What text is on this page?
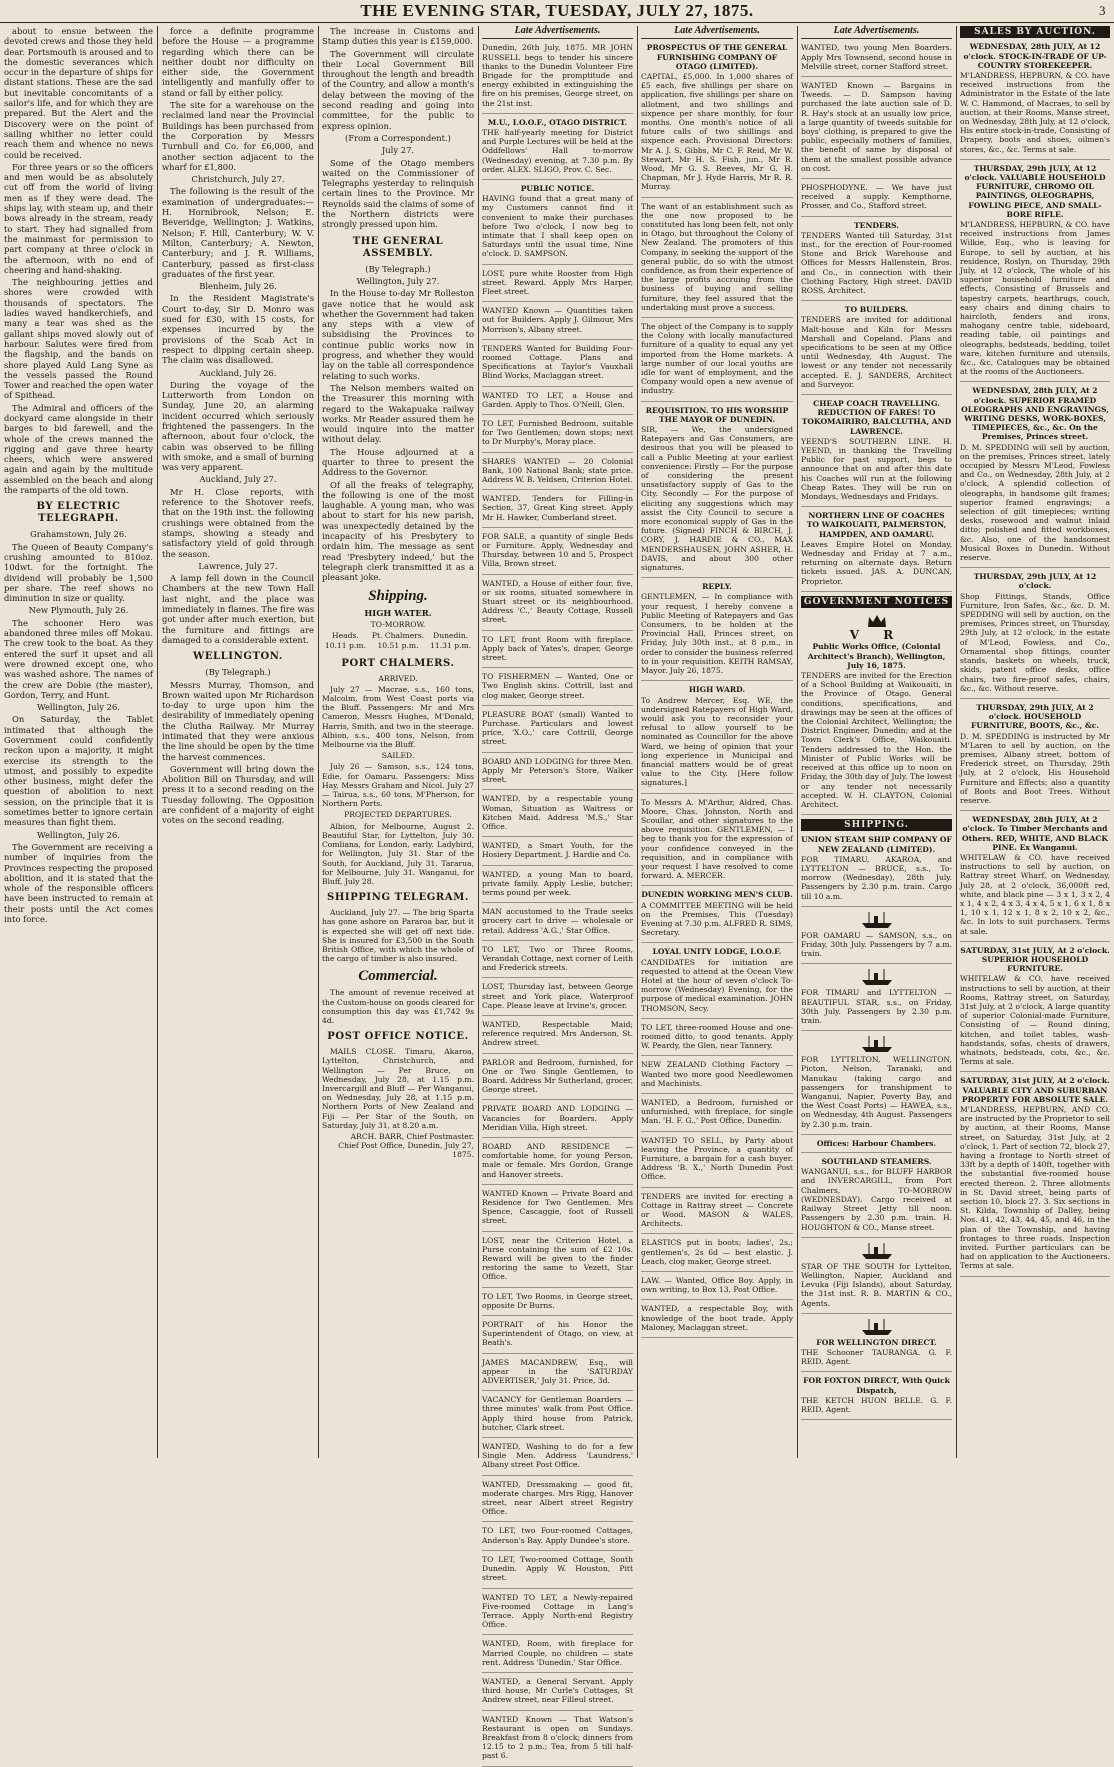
THE EVENING STAR, TUESDAY, JULY 27, 1875.	3

about to ensue between the devoted crews and those they held dear. Portsmouth is aroused and to the domestic severances which occur in the departure of ships for distant stations. These are the sad but inevitable concomitants of a sailor's life, and for which they are prepared. But the Alert and the Discovery were on the point of sailing whither no letter could reach them and whence no news could be received.

For three years or so the officers and men would be as absolutely cut off from the world of living men as if they were dead. The ships lay, with steam up, and their bows already in the stream, ready to start. They had signalled from the mainmast for permission to part company at three o'clock in the afternoon, with no end of cheering and hand-shaking.

The neighbouring jetties and shores were crowded with thousands of spectators. The ladies waved handkerchiefs, and many a tear was shed as the gallant ships moved slowly out of harbour. Salutes were fired from the flagship, and the bands on shore played Auld Lang Syne as the vessels passed the Round Tower and reached the open water of Spithead.

The Admiral and officers of the dockyard came alongside in their barges to bid farewell, and the whole of the crews manned the rigging and gave three hearty cheers, which were answered again and again by the multitude assembled on the beach and along the ramparts of the old town.

BY ELECTRIC TELEGRAPH.

Grahamstown, July 26.

The Queen of Beauty Company's crushing amounted to 810oz. 10dwt. for the fortnight. The dividend will probably be 1,500 per share. The reef shows no diminution in size or quality.

New Plymouth, July 26.

The schooner Hero was abandoned three miles off Mokau. The crew took to the boat. As they entered the surf it upset and all were drowned except one, who was washed ashore. The names of the crew are Dobie (the master), Gordon, Terry, and Hunt.

Wellington, July 26.

On Saturday, the Tablet intimated that although the Government could confidently reckon upon a majority, it might exercise its strength to the utmost, and possibly to expedite other business, might defer the question of abolition to next session, on the principle that it is sometimes better to ignore certain measures than fight them.

Wellington, July 26.

The Government are receiving a number of inquiries from the Provinces respecting the proposed abolition, and it is stated that the whole of the responsible officers have been instructed to remain at their posts until the Act comes into force.

force a definite programme before the House — a programme regarding which there can be neither doubt nor difficulty on either side, the Government intelligently and manfully offer to stand or fall by either policy.

The site for a warehouse on the reclaimed land near the Provincial Buildings has been purchased from the Corporation by Messrs Turnbull and Co. for £6,000, and another section adjacent to the wharf for £1,800.

Christchurch, July 27.

The following is the result of the examination of undergraduates:— H. Hornibrook, Nelson; E. Beveridge, Wellington; J. Watkins, Nelson; F. Hill, Canterbury; W. V. Milton, Canterbury; A. Newton, Canterbury; and J. R. Williams, Canterbury, passed as first-class graduates of the first year.

Blenheim, July 26.

In the Resident Magistrate's Court to-day, Sir D. Monro was sued for £30, with 15 costs, for expenses incurred by the provisions of the Scab Act in respect to dipping certain sheep. The claim was disallowed.

Auckland, July 26.

During the voyage of the Lutterworth from London on Sunday, June 20, an alarming incident occurred which seriously frightened the passengers. In the afternoon, about four o'clock, the cabin was observed to be filling with smoke, and a small of burning was very apparent.

Auckland, July 27.

Mr H. Close reports, with reference to the Shotover reefs, that on the 19th inst. the following crushings were obtained from the stamps, showing a steady and satisfactory yield of gold through the season.

Lawrence, July 27.

A lamp fell down in the Council Chambers at the new Town Hall last night, and the place was immediately in flames. The fire was got under after much exertion, but the furniture and fittings are damaged to a considerable extent.

WELLINGTON.

(By Telegraph.)

Messrs Murray, Thomson, and Brown waited upon Mr Richardson to-day to urge upon him the desirability of immediately opening the Clutha Railway. Mr Murray intimated that they were anxious the line should be open by the time the harvest commences.

Government will bring down the Abolition Bill on Thursday, and will press it to a second reading on the Tuesday following. The Opposition are confident of a majority of eight votes on the second reading.

The increase in Customs and Stamp duties this year is £159,000.

The Government will circulate their Local Government Bill throughout the length and breadth of the Country, and allow a month's delay between the moving of the second reading and going into committee, for the public to express opinion.

(From a Correspondent.)

July 27.

Some of the Otago members waited on the Commissioner of Telegraphs yesterday to relinquish certain lines to the Province. Mr Reynolds said the claims of some of the Northern districts were strongly pressed upon him.

THE GENERAL ASSEMBLY.

(By Telegraph.)

Wellington, July 27.

In the House to-day Mr Rolleston gave notice that he would ask whether the Government had taken any steps with a view of subsidising the Provinces to continue public works now in progress, and whether they would lay on the table all correspondence relating to such works.

The Nelson members waited on the Treasurer this morning with regard to the Wakapuaka railway works. Mr Reader assured them he would inquire into the matter without delay.

The House adjourned at a quarter to three to present the Address to the Governor.

Of all the freaks of telegraphy, the following is one of the most laughable. A young man, who was about to start for his new parish, was unexpectedly detained by the incapacity of his Presbytery to ordain him. The message as sent read 'Presbytery indeed,' but the telegraph clerk transmitted it as a pleasant joke.

Shipping.
HIGH WATER.
TO-MORROW.
Heads.	Pt. Chalmers.	Dunedin.
10.11 p.m.	10.51 p.m.	11.31 p.m.
PORT CHALMERS.

ARRIVED.

July 27 — Macrae, s.s., 160 tons, Malcolm, from West Coast ports via the Bluff. Passengers: Mr and Mrs Cameron, Messrs Hughes, M'Donald, Harris, Smith, and two in the steerage. Albion, s.s., 400 tons, Nelson, from Melbourne via the Bluff.

SAILED.

July 26 — Samson, s.s., 124 tons, Edie, for Oamaru. Passengers: Miss Hay, Messrs Graham and Nicol. July 27 — Tairua, s.s., 60 tons, M'Pherson, for Northern Ports.

PROJECTED DEPARTURES.

Albion, for Melbourne, August 2. Beautiful Star, for Lyttelton, July 30. Comliana, for London, early. Ladybird, for Wellington, July 31. Star of the South, for Auckland, July 31. Tararua, for Melbourne, July 31. Wanganui, for Bluff, July 28.

SHIPPING TELEGRAM.

Auckland, July 27. — The brig Sparta has gone ashore on Pararoa bar, but it is expected she will get off next tide. She is insured for £3,500 in the South British Office, with which the whole of the cargo of timber is also insured.

Commercial.

The amount of revenue received at the Custom-house on goods cleared for consumption this day was £1,742 9s 4d.

POST OFFICE NOTICE.

MAILS CLOSE. Timaru, Akaroa, Lyttelton, Christchurch, and Wellington — Per Bruce, on Wednesday, July 28, at 1.15 p.m. Invercargill and Bluff — Per Wanganui, on Wednesday, July 28, at 1.15 p.m. Northern Ports of New Zealand and Fiji — Per Star of the South, on Saturday, July 31, at 8.20 a.m.

ARCH. BARR, Chief Postmaster. Chief Post Office, Dunedin, July 27, 1875.

Late Advertisements.

Dunedin, 26th July, 1875. MR JOHN RUSSELL begs to tender his sincere thanks to the Dunedin Volunteer Fire Brigade for the promptitude and energy exhibited in extinguishing the fire on his premises, George street, on the 21st inst.

M.U., I.O.O.F., OTAGO DISTRICT.

THE half-yearly meeting for District and Purple Lectures will be held at the Oddfellows' Hall to-morrow (Wednesday) evening, at 7.30 p.m. By order. ALEX. SLIGO, Prov. C. Sec.

PUBLIC NOTICE.

HAVING found that a great many of my Customers cannot find it convenient to make their purchases before Two o'clock, I now beg to intimate that I shall keep open on Saturdays until the usual time, Nine o'clock. D. SAMPSON.

LOST, pure white Rooster from High street. Reward. Apply Mrs Harper, Fleet street.

WANTED Known — Quantities taken out for Builders. Apply J. Gilmour, Mrs Morrison's, Albany street.

TENDERS Wanted for Building Four-roomed Cottage. Plans and Specifications at Taylor's Vauxhall Blind Works, Maclaggan street.

WANTED TO LET, a House and Garden. Apply to Thos. O'Neill, Glen.

TO LET, Furnished Bedroom, suitable for Two Gentlemen; down stops; next to Dr Murphy's, Moray place.

SHARES WANTED — 20 Colonial Bank, 100 National Bank; state price. Address W. B. Yeldsen, Criterion Hotel.

WANTED, Tenders for Filling-in Section, 37, Great King street. Apply Mr H. Hawker, Cumberland street.

FOR SALE, a quantity of single Beds or Furniture. Apply, Wednesday and Thursday, between 10 and 5, Prospect Villa, Brown street.

WANTED, a House of either four, five, or six rooms, situated somewhere in Stuart street or its neighbourhood. Address 'C.,' Beauty Cottage, Russell street.

TO LET, front Room with fireplace. Apply back of Yates's, draper, George street.

TO FISHERMEN — Wanted, One or Two English skins. Cottrill, last and clog maker, George street.

PLEASURE BOAT (small) Wanted to Purchase. Particulars and lowest price, 'X.O.,' care Cottrill, George street.

BOARD AND LODGING for three Men. Apply Mr Peterson's Store, Walker street.

WANTED, by a respectable young Woman, Situation as Waitress or Kitchen Maid. Address 'M.S.,' Star Office.

WANTED, a Smart Youth, for the Hosiery Department. J. Hardie and Co.

WANTED, a young Man to board, private family. Apply Leslie, butcher; terms pound per week.

MAN accustomed to the Trade seeks grocery cart to drive — wholesale or retail. Address 'A.G.,' Star Office.

TO LET, Two or Three Rooms, Verandah Cottage, next corner of Leith and Frederick streets.

LOST, Thursday last, between George street and York place, Waterproof Cape. Please leave at Irvine's, grocer.

WANTED, Respectable Maid; reference required. Mrs Anderson, St. Andrew street.

PARLOR and Bedroom, furnished, for One or Two Single Gentlemen, to Board. Address Mr Sutherland, grocer, George street.

PRIVATE BOARD AND LODGING — Vacancies for Boarders. Apply Meridian Villa, High street.

BOARD AND RESIDENCE — comfortable home, for young Person, male or female. Mrs Gordon, Grange and Hanover streets.

WANTED Known — Private Board and Residence for Two Gentlemen. Mrs Spence, Cascaggie, foot of Russell street.

LOST, near the Criterion Hotel, a Purse containing the sum of £2 10s. Reward will be given to the finder restoring the same to Vezett, Star Office.

TO LET, Two Rooms, in George street, opposite Dr Burns.

PORTRAIT of his Honor the Superintendent of Otago, on view, at Beath's.

JAMES MACANDREW, Esq., will appear in the 'SATURDAY ADVERTISER,' July 31. Price, 3d.

VACANCY for Gentleman Boarders — three minutes' walk from Post Office. Apply third house from Patrick, butcher, Clark street.

WANTED, Washing to do for a few Single Men. Address 'Laundress,' Albany street Post Office.

WANTED, Dressmaking — good fit, moderate charges. Mrs Rigg, Hanover street, near Albert street Registry Office.

TO LET, two Four-roomed Cottages, Anderson's Bay. Apply Dundee's store.

TO LET, Two-roomed Cottage, South Dunedin. Apply W. Houston, Pitt street.

WANTED TO LET, a Newly-repaired Five-roomed Cottage in Lang's Terrace. Apply North-end Registry Office.

WANTED, Room, with fireplace for Married Couple, no children — state rent. Address 'Dunedin,' Star Office.

WANTED, a General Servant. Apply third house, Mr Curle's Cottages, St Andrew street, near Filleul street.

WANTED Known — That Watson's Restaurant is open on Sundays. Breakfast from 8 o'clock; dinners from 12.15 to 2 p.m.; Tea, from 5 till half-past 6.

Late Advertisements.

PROSPECTUS OF THE GENERAL FURNISHING COMPANY OF OTAGO (LIMITED).

CAPITAL, £5,000. In 1,000 shares of £5 each, five shillings per share on application, five shillings per share on allotment, and two shillings and sixpence per share monthly, for four months. One month's notice of all future calls of two shillings and sixpence each. Provisional Directors: Mr A. J. S. Gibbs, Mr C. F. Reid, Mr W. Stewart, Mr H. S. Fish, jun., Mr R. Wood, Mr G. S. Reeves, Mr G. H. Chapman, Mr J. Hyde Harris, Mr R. R. Murray.

The want of an establishment such as the one now proposed to be constituted has long been felt, not only in Otago, but throughout the Colony of New Zealand. The promoters of this Company, in seeking the support of the general public, do so with the utmost confidence, as from their experience of the large profits accruing from the business of buying and selling furniture, they feel assured that the undertaking must prove a success.

The object of the Company is to supply the Colony with locally manufactured furniture of a quality to equal any yet imported from the Home markets. A large number of our local youths are idle for want of employment, and the Company would open a new avenue of industry.

REQUISITION. TO HIS WORSHIP THE MAYOR OF DUNEDIN.

SIR, — We, the undersigned Ratepayers and Gas Consumers, are desirous that you will be pleased to call a Public Meeting at your earliest convenience: Firstly — For the purpose of considering the present unsatisfactory supply of Gas to the City. Secondly — For the purpose of eliciting any suggestions which may assist the City Council to secure a more economical supply of Gas in the future. (Signed) FINCH & BIRCH, J. CORY, J. HARDIE & CO., MAX MENDERSHAUSEN, JOHN ASHER, H. DAVIS, and about 300 other signatures.

REPLY.

GENTLEMEN, — In compliance with your request, I hereby convene a Public Meeting of Ratepayers and Gas Consumers, to be holden at the Provincial Hall, Princes street, on Friday, July 30th inst., at 8 p.m., in order to consider the business referred to in your requisition. KEITH RAMSAY, Mayor. July 26, 1875.

HIGH WARD.

To Andrew Mercer, Esq. WE, the undersigned Ratepayers of High Ward, would ask you to reconsider your refusal to allow yourself to be nominated as Councillor for the above Ward, we being of opinion that your long experience in Municipal and financial matters would be of great value to the City. [Here follow signatures.]

To Messrs A. M'Arthur, Aldred, Chas. Moore, Chas. Johnston, North and Scoullar, and other signatures to the above requisition. GENTLEMEN, — I beg to thank you for the expression of your confidence conveyed in the requisition, and in compliance with your request I have resolved to come forward. A. MERCER.

DUNEDIN WORKING MEN'S CLUB.

A COMMITTEE MEETING will be held on the Premises, This (Tuesday) Evening at 7.30 p.m. ALFRED R. SIMS, Secretary.

LOYAL UNITY LODGE, I.O.O.F.

CANDIDATES for initiation are requested to attend at the Ocean View Hotel at the hour of seven o'clock To-morrow (Wednesday) Evening, for the purpose of medical examination. JOHN THOMSON, Secy.

TO LET, three-roomed House and one-roomed ditto, to good tenants. Apply W. Peardy, the Glen, near Tannery.

NEW ZEALAND Clothing Factory — Wanted two more good Needlewomen and Machinists.

WANTED, a Bedroom, furnished or unfurnished, with fireplace, for single Man. 'H. F. G.,' Post Office, Dunedin.

WANTED TO SELL, by Party about leaving the Province, a quantity of Furniture, a bargain for a cash buyer. Address 'B. X.,' North Dunedin Post Office.

TENDERS are invited for erecting a Cottage in Rattray street — Concrete or Wood. MASON & WALES, Architects.

ELASTICS put in boots; ladies', 2s.; gentlemen's, 2s 6d — best elastic. J. Leach, clog maker, George street.

LAW. — Wanted, Office Boy. Apply, in own writing, to Box 13, Post Office.

WANTED, a respectable Boy, with knowledge of the boot trade. Apply Maloney, Maclaggan street.

Late Advertisements.

WANTED, two young Men Boarders. Apply Mrs Townsend, second house in Melville street, corner Stafford street.

WANTED Known — Bargains in Tweeds. — D. Sampson having purchased the late auction sale of D. R. Hay's stock at an usually low price, a large quantity of tweeds suitable for boys' clothing, is prepared to give the public, especially mothers of families, the benefit of same by disposal of them at the smallest possible advance on cost.

PHOSPHODYNE. — We have just received a supply. Kempthorne, Prosser, and Co., Stafford street.

TENDERS.

TENDERS Wanted till Saturday, 31st inst., for the erection of Four-roomed Stone and Brick Warehouse and Offices for Messrs Hallenstein, Bros. and Co., in connection with their Clothing Factory, High street. DAVID ROSS, Architect.

TO BUILDERS.

TENDERS are invited for additional Malt-house and Kiln for Messrs Marshall and Copeland. Plans and specifications to be seen at my Office until Wednesday, 4th August. The lowest or any tender not necessarily accepted. E. J. SANDERS, Architect and Surveyor.

CHEAP COACH TRAVELLING. REDUCTION OF FARES! TO TOKOMAIRIRO, BALCLUTHA, AND LAWRENCE.

YEEND'S SOUTHERN LINE. H. YEEND, in thanking the Travelling Public for past support, begs to announce that on and after this date his Coaches will run at the following Cheap Rates. They will be run on Mondays, Wednesdays and Fridays.

NORTHERN LINE OF COACHES TO WAIKOUAITI, PALMERSTON, HAMPDEN, AND OAMARU.

Leaves Empire Hotel on Monday, Wednesday and Friday at 7 a.m., returning on alternate days. Return tickets issued. JAS. A. DUNCAN, Proprietor.

GOVERNMENT NOTICES
V R

Public Works Office, (Colonial Architect's Branch), Wellington, July 16, 1875.

TENDERS are invited for the Erection of a School Building at Waikouaiti, in the Province of Otago. General conditions, specifications, and drawings may be seen at the offices of the Colonial Architect, Wellington; the District Engineer, Dunedin; and at the Town Clerk's Office, Waikouaiti. Tenders addressed to the Hon. the Minister of Public Works will be received at this office up to noon on Friday, the 30th day of July. The lowest or any tender not necessarily accepted. W. H. CLAYTON, Colonial Architect.

SHIPPING.

UNION STEAM SHIP COMPANY OF NEW ZEALAND (LIMITED).

FOR TIMARU, AKAROA, and LYTTELTON — BRUCE, s.s., To-morrow (Wednesday), 28th July. Passengers by 2.30 p.m. train. Cargo till 10 a.m.

FOR OAMARU — SAMSON, s.s., on Friday, 30th July. Passengers by 7 a.m. train.

FOR TIMARU and LYTTELTON — BEAUTIFUL STAR, s.s., on Friday, 30th July. Passengers by 2.30 p.m. train.

FOR LYTTELTON, WELLINGTON, Picton, Nelson, Taranaki, and Manukau (taking cargo and passengers for transhipment to Wanganui, Napier, Poverty Bay, and the West Coast Ports) — HAWEA, s.s., on Wednesday, 4th August. Passengers by 2.30 p.m. train.

Offices: Harbour Chambers.

SOUTHLAND STEAMERS.

WANGANUI, s.s., for BLUFF HARBOR and INVERCARGILL, from Port Chalmers, TO-MORROW (WEDNESDAY). Cargo received at Railway Street Jetty till noon. Passengers by 2.30 p.m. train. H. HOUGHTON & CO., Manse street.

STAR OF THE SOUTH for Lyttelton, Wellington, Napier, Auckland and Levuka (Fiji Islands), about Saturday, the 31st inst. R. B. MARTIN & CO., Agents.

FOR WELLINGTON DIRECT.

THE Schooner TAURANGA. G. F. REID, Agent.

FOR FOXTON DIRECT, With Quick Dispatch,

THE KETCH HUON BELLE. G. F. REID, Agent.

SALES BY AUCTION.

WEDNESDAY, 28th JULY, At 12 o'clock. STOCK-IN-TRADE OF UP-COUNTRY STOREKEEPER.

M'LANDRESS, HEPBURN, & CO. have received instructions from the Administrator in the Estate of the late W. C. Hammond, of Macraes, to sell by auction, at their Rooms, Manse street, on Wednesday, 28th July, at 12 o'clock, His entire stock-in-trade, Consisting of Drapery, boots and shoes, oilmen's stores, &c., &c. Terms at sale.

THURSDAY, 29th JULY, At 12 o'clock. VALUABLE HOUSEHOLD FURNITURE, CHROMO OIL PAINTINGS, OLEOGRAPHS, FOWLING PIECE, AND SMALL-BORE RIFLE.

M'LANDRESS, HEPBURN, & CO. have received instructions from James Wilkie, Esq., who is leaving for Europe, to sell by auction, at his residence, Roslyn, on Thursday, 29th July, at 12 o'clock, The whole of his superior household furniture and effects, Consisting of Brussels and tapestry carpets, hearthrugs, couch, easy chairs and dining chairs to haircloth, fenders and irons, mahogany centre table, sideboard, reading table, oil paintings and oleographs, bedsteads, bedding, toilet ware, kitchen furniture and utensils, &c., &c. Catalogues may be obtained at the rooms of the Auctioneers.

WEDNESDAY, 28th JULY, At 2 o'clock. SUPERIOR FRAMED OLEOGRAPHS AND ENGRAVINGS, WRITING DESKS, WORK-BOXES, TIMEPIECES, &c., &c. On the Premises, Princes street.

D. M. SPEDDING will sell by auction, on the premises, Princes street, lately occupied by Messrs M'Leod, Fowless and Co., on Wednesday, 28th July, at 2 o'clock, A splendid collection of oleographs, in handsome gilt frames; superior framed engravings; a selection of gilt timepieces; writing desks, rosewood and walnut inlaid ditto; polished and fitted workboxes, &c. Also, one of the handsomest Musical Boxes in Dunedin. Without reserve.

THURSDAY, 29th JULY, At 12 o'clock.

Shop Fittings, Stands, Office Furniture, Iron Safes, &c., &c. D. M. SPEDDING will sell by auction, on the premises, Princes street, on Thursday, 29th July, at 12 o'clock, in the estate of M'Leod, Fowless, and Co., Ornamental shop fittings, counter stands, baskets on wheels, truck, skids, patent office desks, office chairs, two fire-proof safes, chairs, &c., &c. Without reserve.

THURSDAY, 29th JULY, At 2 o'clock. HOUSEHOLD FURNITURE, BOOTS, &c., &c.

D. M. SPEDDING is instructed by Mr M'Laren to sell by auction, on the premises, Albany street, bottom of Frederick street, on Thursday, 29th July, at 2 o'clock, His Household Furniture and Effects; also a quantity of Boots and Boot Trees. Without reserve.

WEDNESDAY, 28th JULY, At 2 o'clock. To Timber Merchants and Others. RED, WHITE, AND BLACK PINE. Ex Wanganui.

WHITELAW & CO. have received instructions to sell by auction, on Rattray street Wharf, on Wednesday, July 28, at 2 o'clock, 36,000ft red, white, and black pine — 3 x 1, 3 x 2, 4 x 1, 4 x 2, 4 x 3, 4 x 4, 5 x 1, 6 x 1, 8 x 1, 10 x 1, 12 x 1, 8 x 2, 10 x 2, &c., &c. In lots to suit purchasers. Terms at sale.

SATURDAY, 31st JULY, At 2 o'clock. SUPERIOR HOUSEHOLD FURNITURE.

WHITELAW & CO. have received instructions to sell by auction, at their Rooms, Rattray street, on Saturday, 31st July, at 2 o'clock, A large quantity of superior Colonial-made Furniture, Consisting of — Round dining, kitchen, and toilet tables, wash-handstands, sofas, chests of drawers, whatnots, bedsteads, cots, &c., &c. Terms at sale.

SATURDAY, 31st JULY, At 2 o'clock. VALUABLE CITY AND SUBURBAN PROPERTY FOR ABSOLUTE SALE.

M'LANDRESS, HEPBURN, AND CO. are instructed by the Proprietor to sell by auction, at their Rooms, Manse street, on Saturday, 31st July, at 2 o'clock, 1. Part of section 72, block 27, having a frontage to North street of 33ft by a depth of 140ft, together with the substantial five-roomed house erected thereon. 2. Three allotments in St. David street, being parts of section 10, block 27. 3. Six sections in St. Kilda, Township of Dalley, being Nos. 41, 42, 43, 44, 45, and 46, in the plan of the Township, and having frontages to three roads. Inspection invited. Further particulars can be had on application to the Auctioneers. Terms at sale.
